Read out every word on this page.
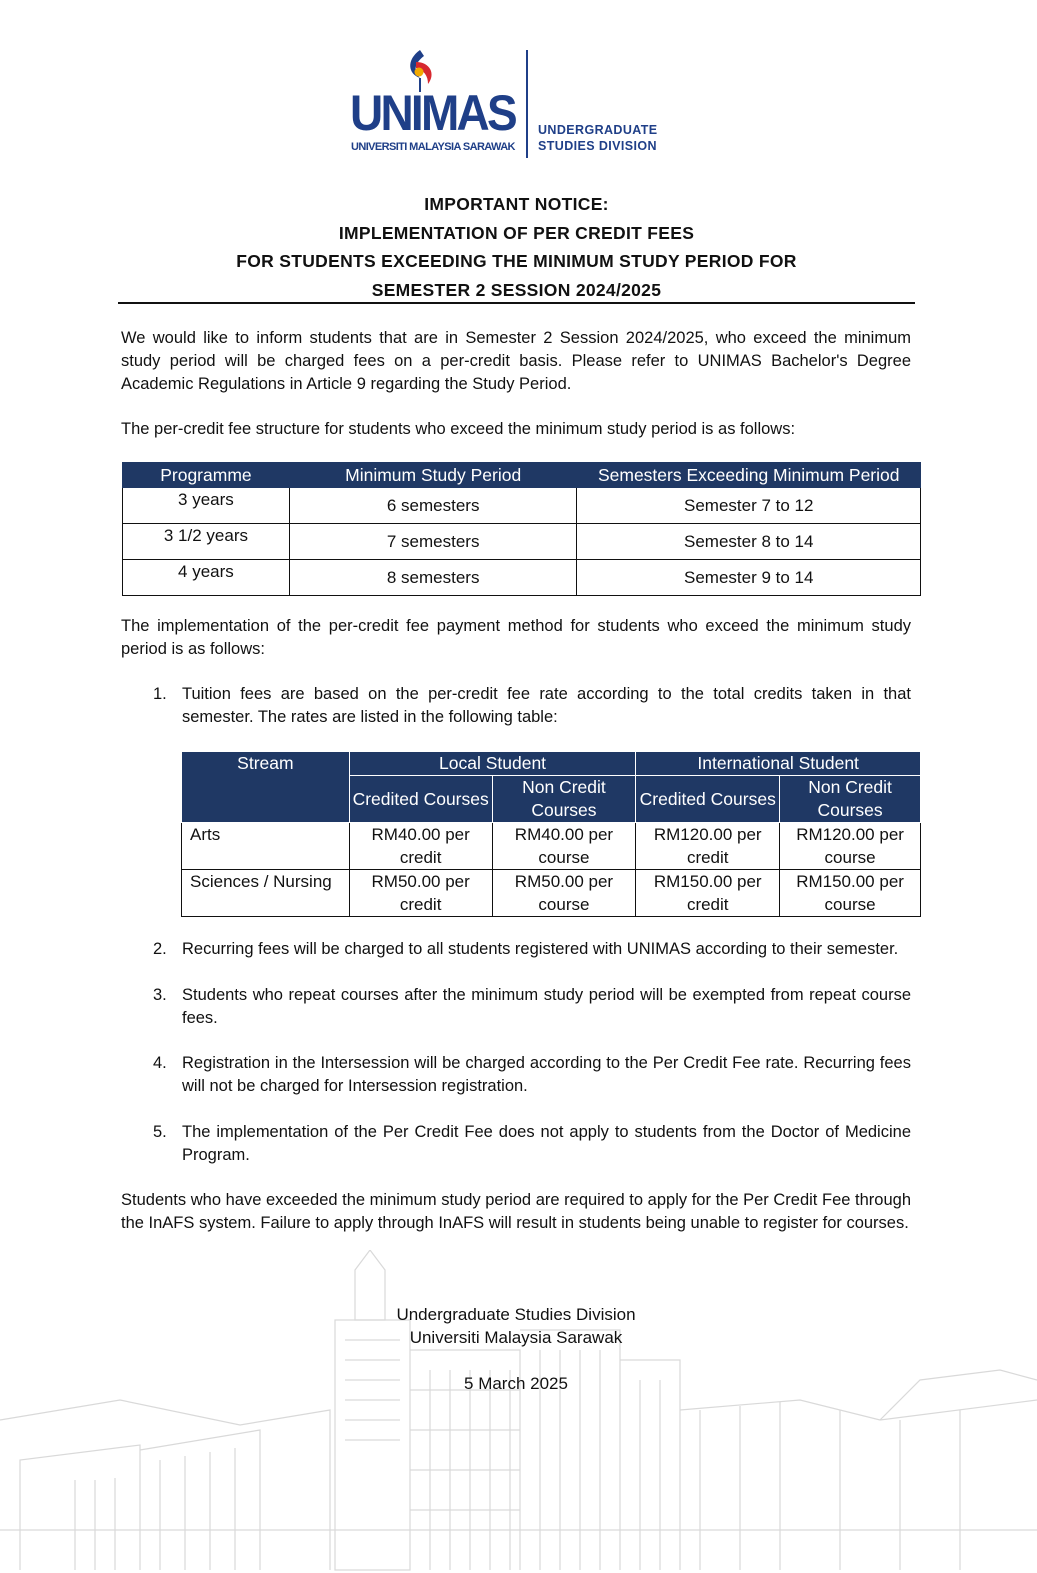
UNIMAS
UNIVERSITI MALAYSIA SARAWAK
UNDERGRADUATE
STUDIES DIVISION
IMPORTANT NOTICE:
IMPLEMENTATION OF PER CREDIT FEES
FOR STUDENTS EXCEEDING THE MINIMUM STUDY PERIOD FOR
SEMESTER 2 SESSION 2024/2025
We would like to inform students that are in Semester 2 Session 2024/2025, who exceed the minimum study period will be charged fees on a per-credit basis. Please refer to UNIMAS Bachelor's Degree Academic Regulations in Article 9 regarding the Study Period.
The per-credit fee structure for students who exceed the minimum study period is as follows:
Programme	Minimum Study Period	Semesters Exceeding Minimum Period
3 years	6 semesters	Semester 7 to 12
3 1/2 years	7 semesters	Semester 8 to 14
4 years	8 semesters	Semester 9 to 14
The implementation of the per-credit fee payment method for students who exceed the minimum study period is as follows:
1. Tuition fees are based on the per-credit fee rate according to the total credits taken in that semester. The rates are listed in the following table:
2. Recurring fees will be charged to all students registered with UNIMAS according to their semester.
3. Students who repeat courses after the minimum study period will be exempted from repeat course fees.
4. Registration in the Intersession will be charged according to the Per Credit Fee rate. Recurring fees will not be charged for Intersession registration.
5. The implementation of the Per Credit Fee does not apply to students from the Doctor of Medicine Program.
Stream	Local Student		International Student	
	Credited Courses	Non Credit Courses	Credited Courses	Non Credit Courses
Arts	RM40.00 per credit	RM40.00 per course	RM120.00 per credit	RM120.00 per course
Sciences / Nursing	RM50.00 per credit	RM50.00 per course	RM150.00 per credit	RM150.00 per course
Students who have exceeded the minimum study period are required to apply for the Per Credit Fee through the InAFS system. Failure to apply through InAFS will result in students being unable to register for courses.
Undergraduate Studies Division
Universiti Malaysia Sarawak
5 March 2025
